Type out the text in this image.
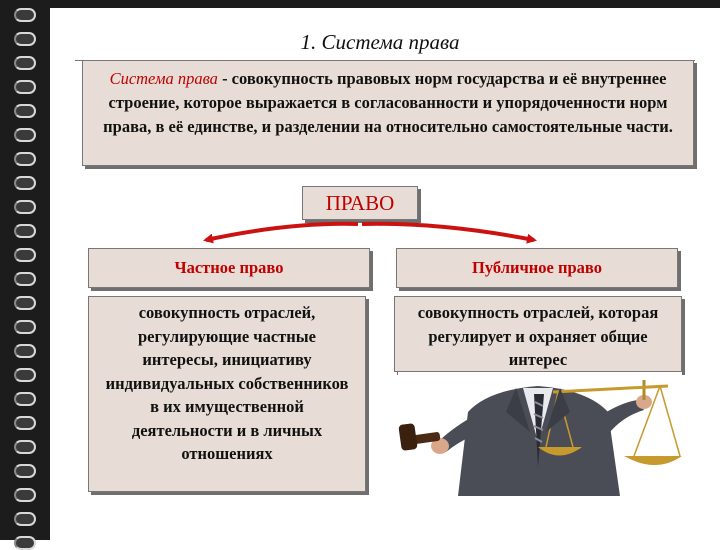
1. Система права
Система права - совокупность правовых норм государства и её внутреннее строение, которое выражается в согласованности и упорядоченности норм права, в её единстве, и разделении на относительно самостоятельные части.
ПРАВО
Частное право	Публичное право
совокупность отраслей, регулирующие частные интересы, инициативу индивидуальных собственников в их имущественной деятельности и в личных отношениях
совокупность отраслей, которая регулирует и охраняет общие интерес
